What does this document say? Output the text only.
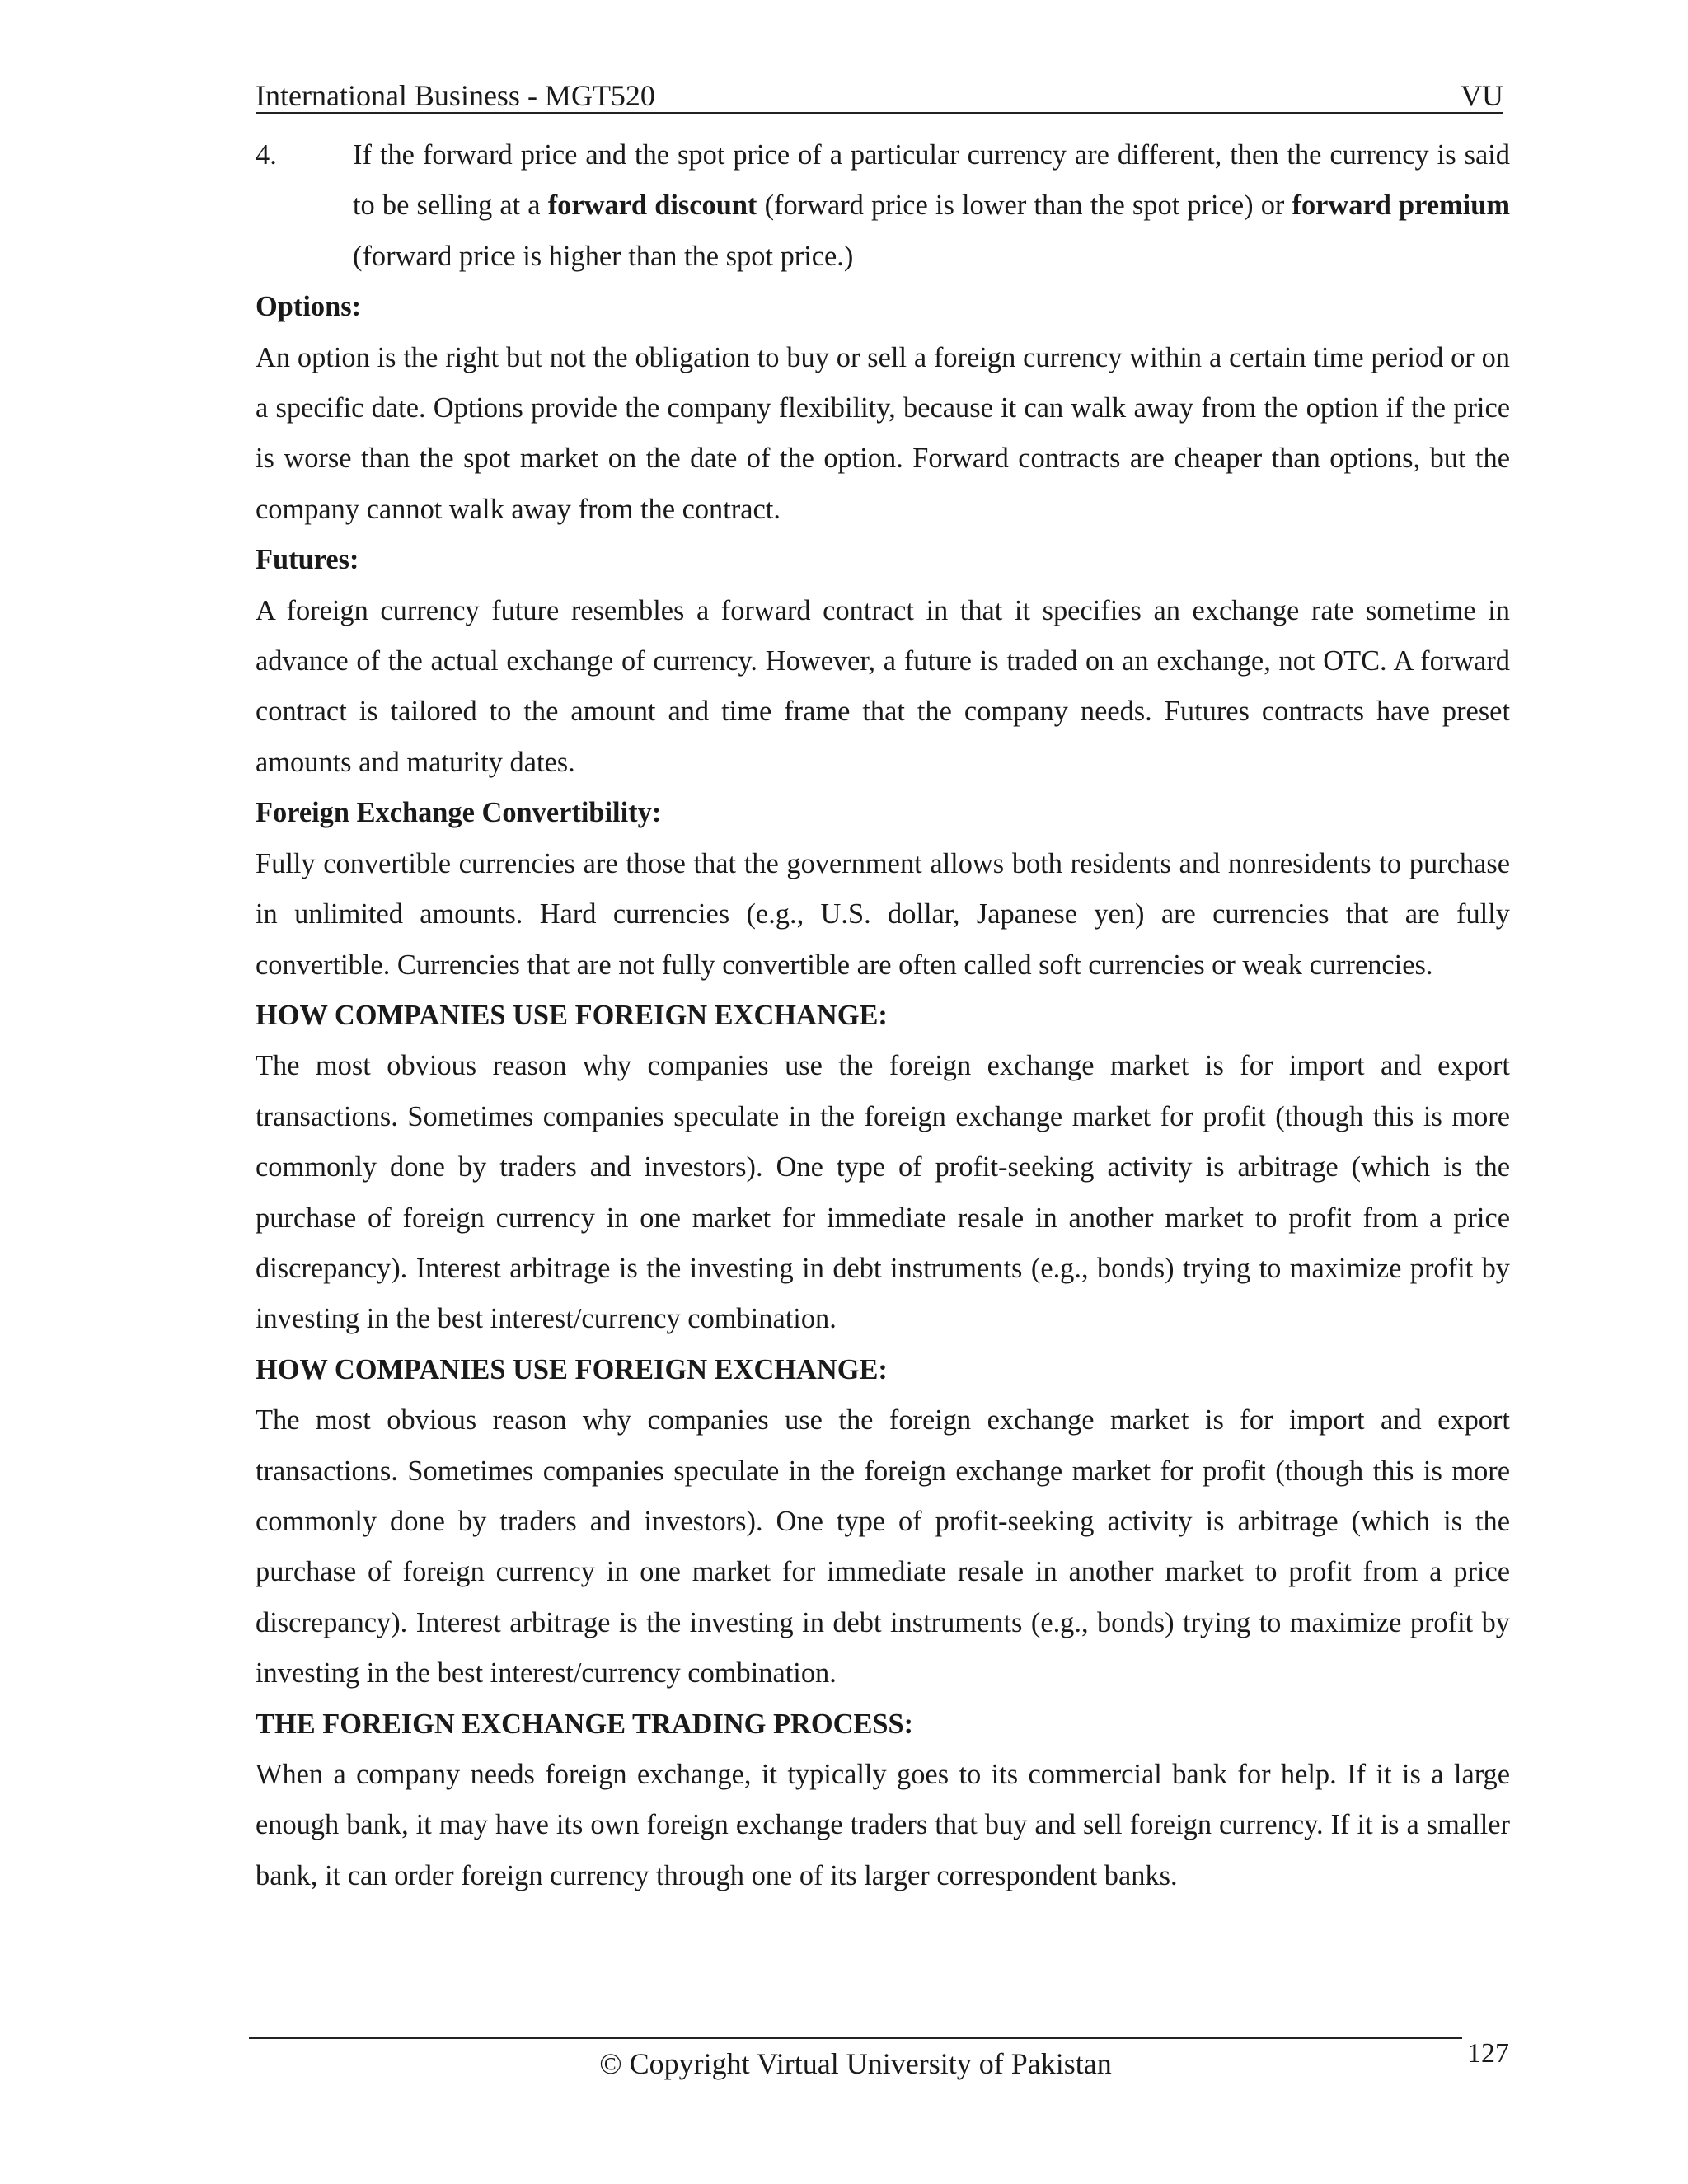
International Business - MGT520	VU
4.	If the forward price and the spot price of a particular currency are different, then the currency is said to be selling at a forward discount (forward price is lower than the spot price) or forward premium (forward price is higher than the spot price.)
Options:

An option is the right but not the obligation to buy or sell a foreign currency within a certain time period or on a specific date. Options provide the company flexibility, because it can walk away from the option if the price is worse than the spot market on the date of the option. Forward contracts are cheaper than options, but the company cannot walk away from the contract.

Futures:

A foreign currency future resembles a forward contract in that it specifies an exchange rate sometime in advance of the actual exchange of currency. However, a future is traded on an exchange, not OTC. A forward contract is tailored to the amount and time frame that the company needs. Futures contracts have preset amounts and maturity dates.

Foreign Exchange Convertibility:

Fully convertible currencies are those that the government allows both residents and nonresidents to purchase in unlimited amounts. Hard currencies (e.g., U.S. dollar, Japanese yen) are currencies that are fully convertible. Currencies that are not fully convertible are often called soft currencies or weak currencies.

HOW COMPANIES USE FOREIGN EXCHANGE:

The most obvious reason why companies use the foreign exchange market is for import and export transactions. Sometimes companies speculate in the foreign exchange market for profit (though this is more commonly done by traders and investors). One type of profit-seeking activity is arbitrage (which is the purchase of foreign currency in one market for immediate resale in another market to profit from a price discrepancy). Interest arbitrage is the investing in debt instruments (e.g., bonds) trying to maximize profit by investing in the best interest/currency combination.

HOW COMPANIES USE FOREIGN EXCHANGE:

The most obvious reason why companies use the foreign exchange market is for import and export transactions. Sometimes companies speculate in the foreign exchange market for profit (though this is more commonly done by traders and investors). One type of profit-seeking activity is arbitrage (which is the purchase of foreign currency in one market for immediate resale in another market to profit from a price discrepancy). Interest arbitrage is the investing in debt instruments (e.g., bonds) trying to maximize profit by investing in the best interest/currency combination.

THE FOREIGN EXCHANGE TRADING PROCESS:

When a company needs foreign exchange, it typically goes to its commercial bank for help. If it is a large enough bank, it may have its own foreign exchange traders that buy and sell foreign currency. If it is a smaller bank, it can order foreign currency through one of its larger correspondent banks.

© Copyright Virtual University of Pakistan	127
